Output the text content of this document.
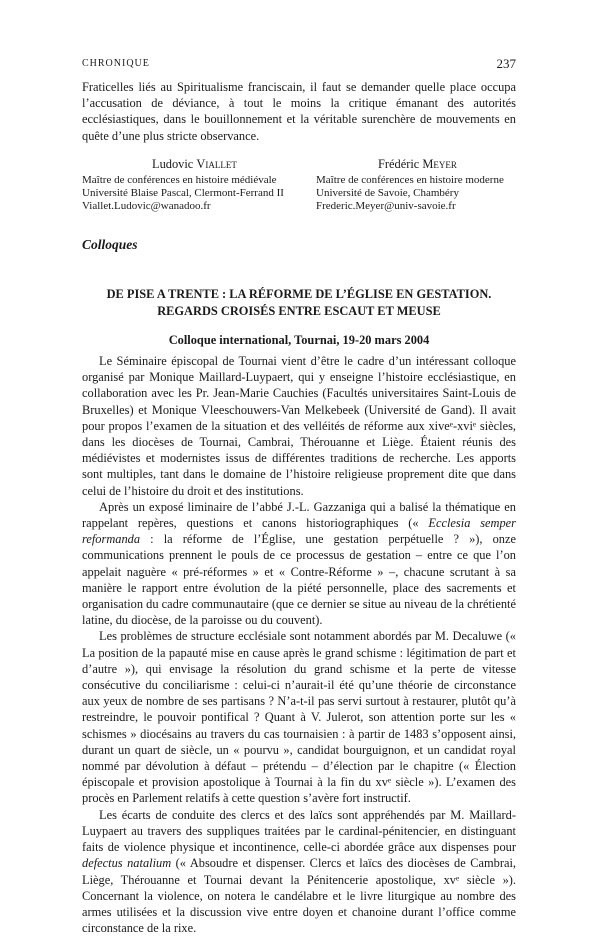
CHRONIQUE	237

Fraticelles liés au Spiritualisme franciscain, il faut se demander quelle place occupa l’accusation de déviance, à tout le moins la critique émanant des autorités ecclésiastiques, dans le bouillonnement et la véritable surenchère de mouvements en quête d’une plus stricte observance.

Ludovic Viallet
Maître de conférences en histoire médiévale
Université Blaise Pascal, Clermont-Ferrand II
Viallet.Ludovic@wanadoo.fr
Frédéric Meyer
Maître de conférences en histoire moderne
Université de Savoie, Chambéry
Frederic.Meyer@univ-savoie.fr
Colloques
DE PISE A TRENTE : LA RÉFORME DE L’ÉGLISE EN GESTATION.
REGARDS CROISÉS ENTRE ESCAUT ET MEUSE
Colloque international, Tournai, 19-20 mars 2004

Le Séminaire épiscopal de Tournai vient d’être le cadre d’un intéressant colloque organisé par Monique Maillard-Luypaert, qui y enseigne l’histoire ecclésiastique, en collaboration avec les Pr. Jean-Marie Cauchies (Facultés universitaires Saint-Louis de Bruxelles) et Monique Vleeschouwers-Van Melkebeek (Université de Gand). Il avait pour propos l’examen de la situation et des velléités de réforme aux xiveᵉ-xviᵉ siècles, dans les diocèses de Tournai, Cambrai, Thérouanne et Liège. Étaient réunis des médiévistes et modernistes issus de différentes traditions de recherche. Les apports sont multiples, tant dans le domaine de l’histoire religieuse proprement dite que dans celui de l’histoire du droit et des institutions.

Après un exposé liminaire de l’abbé J.-L. Gazzaniga qui a balisé la thématique en rappelant repères, questions et canons historiographiques (« Ecclesia semper reformanda : la réforme de l’Église, une gestation perpétuelle ? »), onze communications prennent le pouls de ce processus de gestation – entre ce que l’on appelait naguère « pré-réformes » et « Contre-Réforme » –, chacune scrutant à sa manière le rapport entre évolution de la piété personnelle, place des sacrements et organisation du cadre communautaire (que ce dernier se situe au niveau de la chrétienté latine, du diocèse, de la paroisse ou du couvent).

Les problèmes de structure ecclésiale sont notamment abordés par M. Decaluwe (« La position de la papauté mise en cause après le grand schisme : légitimation de part et d’autre »), qui envisage la résolution du grand schisme et la perte de vitesse consécutive du conciliarisme : celui-ci n’aurait-il été qu’une théorie de circonstance aux yeux de nombre de ses partisans ? N’a-t-il pas servi surtout à restaurer, plutôt qu’à restreindre, le pouvoir pontifical ? Quant à V. Julerot, son attention porte sur les « schismes » diocésains au travers du cas tournaisien : à partir de 1483 s’opposent ainsi, durant un quart de siècle, un « pourvu », candidat bourguignon, et un candidat royal nommé par dévolution à défaut – prétendu – d’élection par le chapitre (« Élection épiscopale et provision apostolique à Tournai à la fin du xvᵉ siècle »). L’examen des procès en Parlement relatifs à cette question s’avère fort instructif.

Les écarts de conduite des clercs et des laïcs sont appréhendés par M. Maillard-Luypaert au travers des suppliques traitées par le cardinal-pénitencier, en distinguant faits de violence physique et incontinence, celle-ci abordée grâce aux dispenses pour defectus natalium (« Absoudre et dispenser. Clercs et laïcs des diocèses de Cambrai, Liège, Thérouanne et Tournai devant la Pénitencerie apostolique, xvᵉ siècle »). Concernant la violence, on notera le candélabre et le livre liturgique au nombre des armes utilisées et la discussion vive entre doyen et chanoine durant l’office comme circonstance de la rixe.
